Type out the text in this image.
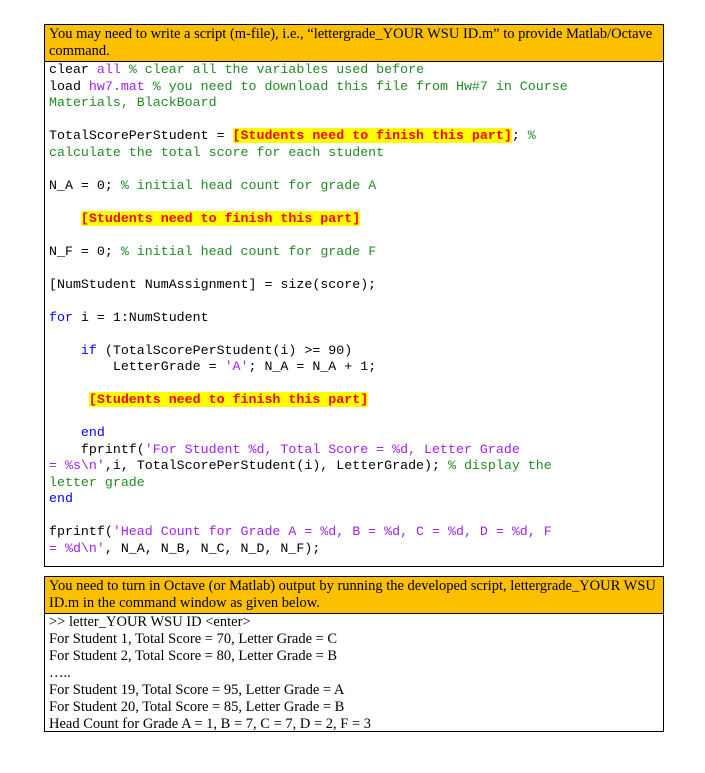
You may need to write a script (m-file), i.e., “lettergrade_YOUR WSU ID.m” to provide Matlab/Octave command.
clear all % clear all the variables used before
load hw7.mat % you need to download this file from Hw#7 in Course
Materials, BlackBoard
TotalScorePerStudent = [Students need to finish this part]; %
calculate the total score for each student
N_A = 0; % initial head count for grade A
[Students need to finish this part]
N_F = 0; % initial head count for grade F
[NumStudent NumAssignment] = size(score);
for i = 1:NumStudent
if (TotalScorePerStudent(i) >= 90)
LetterGrade = 'A'; N_A = N_A + 1;
[Students need to finish this part]
end
fprintf('For Student %d, Total Score = %d, Letter Grade
= %s\n',i, TotalScorePerStudent(i), LetterGrade); % display the
letter grade
end
fprintf('Head Count for Grade A = %d, B = %d, C = %d, D = %d, F
= %d\n', N_A, N_B, N_C, N_D, N_F);
You need to turn in Octave (or Matlab) output by running the developed script, lettergrade_YOUR WSU ID.m in the command window as given below.
>> letter_YOUR WSU ID <enter>
For Student 1, Total Score = 70, Letter Grade = C
For Student 2, Total Score = 80, Letter Grade = B
…..
For Student 19, Total Score = 95, Letter Grade = A
For Student 20, Total Score = 85, Letter Grade = B
Head Count for Grade A = 1, B = 7, C = 7, D = 2, F = 3
